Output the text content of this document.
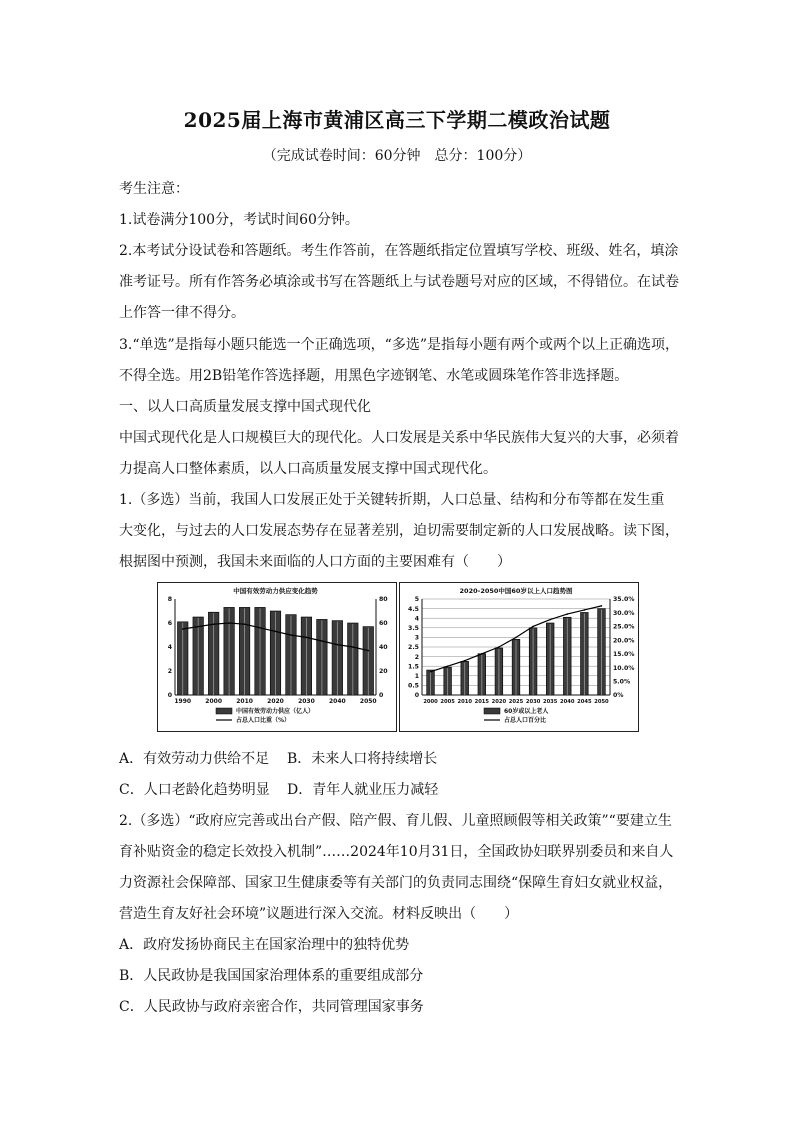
2025届上海市黄浦区高三下学期二模政治试题
（完成试卷时间：60分钟　总分：100分）
考生注意：
1.试卷满分100分，考试时间60分钟。
2.本考试分设试卷和答题纸。考生作答前，在答题纸指定位置填写学校、班级、姓名，填涂
准考证号。所有作答务必填涂或书写在答题纸上与试卷题号对应的区域，不得错位。在试卷
上作答一律不得分。
3.“单选”是指每小题只能选一个正确选项，“多选”是指每小题有两个或两个以上正确选项，
不得全选。用2B铅笔作答选择题，用黑色字迹钢笔、水笔或圆珠笔作答非选择题。
一、以人口高质量发展支撑中国式现代化
中国式现代化是人口规模巨大的现代化。人口发展是关系中华民族伟大复兴的大事，必须着
力提高人口整体素质，以人口高质量发展支撑中国式现代化。
1.（多选）当前，我国人口发展正处于关键转折期，人口总量、结构和分布等都在发生重
大变化，与过去的人口发展态势存在显著差别，迫切需要制定新的人口发展战略。读下图，
根据图中预测，我国未来面临的人口方面的主要困难有（　　）
中国有效劳动力供应变化趋势
0
2
4
6
8
0
20
40
60
80
1990 2000 2010 2020 2030 2040 2050
中国有效劳动力供应（亿人）
占总人口比重（%）
2020-2050中国60岁以上人口趋势图
0
0.5
1
1.5
2
2.5
3
3.5
4
4.5
5
0%
5.0%
10.0%
15.0%
20.0%
25.0%
30.0%
35.0%
2000 2005 2010 2015 2020 2025 2030 2035 2040 2045 2050
60岁或以上老人
占总人口百分比
A．有效劳动力供给不足 B．未来人口将持续增长
C．人口老龄化趋势明显 D．青年人就业压力减轻
2.（多选）“政府应完善或出台产假、陪产假、育儿假、儿童照顾假等相关政策”“要建立生
育补贴资金的稳定长效投入机制”……2024年10月31日，全国政协妇联界别委员和来自人
力资源社会保障部、国家卫生健康委等有关部门的负责同志围绕“保障生育妇女就业权益，
营造生育友好社会环境”议题进行深入交流。材料反映出（　　）
A．政府发扬协商民主在国家治理中的独特优势
B．人民政协是我国国家治理体系的重要组成部分
C．人民政协与政府亲密合作，共同管理国家事务
